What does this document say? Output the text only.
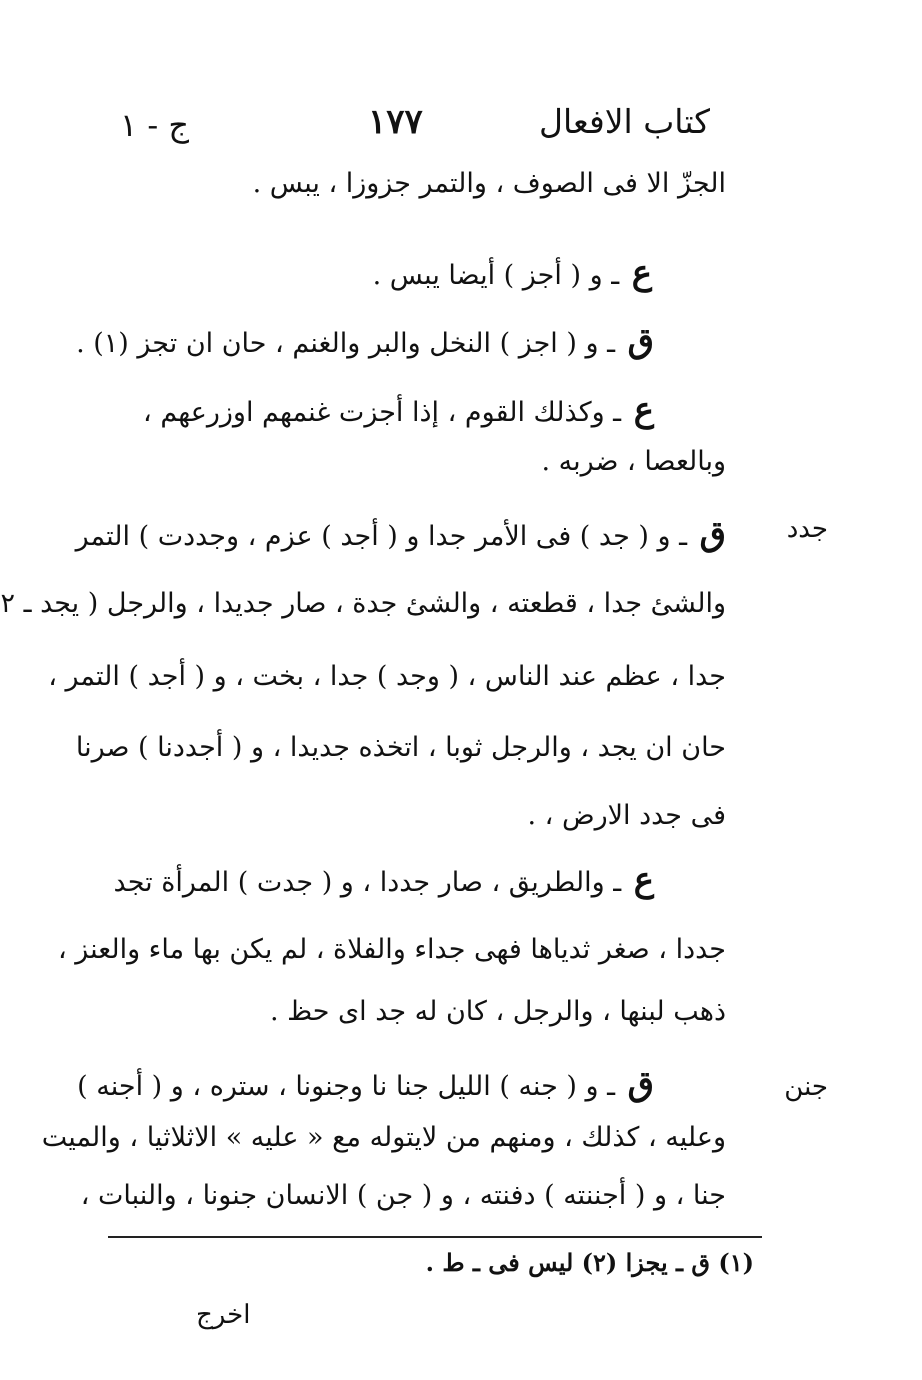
كتاب الافعال
١٧٧
ج - ١
الجزّ الا فى الصوف ، والتمر جزوزا ، يبس .
ع ـ و ( أجز ) أيضا يبس .
ق ـ و ( اجز ) النخل والبر والغنم ، حان ان تجز (١) .
ع ـ وكذلك القوم ، إذا أجزت غنمهم اوزرعهم ،
وبالعصا ، ضربه .
جدد
ق ـ و ( جد ) فى الأمر جدا و ( أجد ) عزم ، وجددت ) التمر
والشئ جدا ، قطعته ، والشئ جدة ، صار جديدا ، والرجل ( يجد ـ ٢
جدا ، عظم عند الناس ، ( وجد ) جدا ، بخت ، و ( أجد ) التمر ،
حان ان يجد ، والرجل ثوبا ، اتخذه جديدا ، و ( أجددنا ) صرنا
فى جدد الارض ، .
ع ـ والطريق ، صار جددا ، و ( جدت ) المرأة تجد
جددا ، صغر ثدياها فهى جداء والفلاة ، لم يكن بها ماء والعنز ،
ذهب لبنها ، والرجل ، كان له جد اى حظ .
جنن
ق ـ و ( جنه ) الليل جنا نا وجنونا ، ستره ، و ( أجنه )
وعليه ، كذلك ، ومنهم من لايتوله مع « عليه » الاثلاثيا ، والميت
جنا ، و ( أجننته ) دفنته ، و ( جن ) الانسان جنونا ، والنبات ،
(١) ق ـ يجزا (٢) ليس فى ـ ط .
اخرج
